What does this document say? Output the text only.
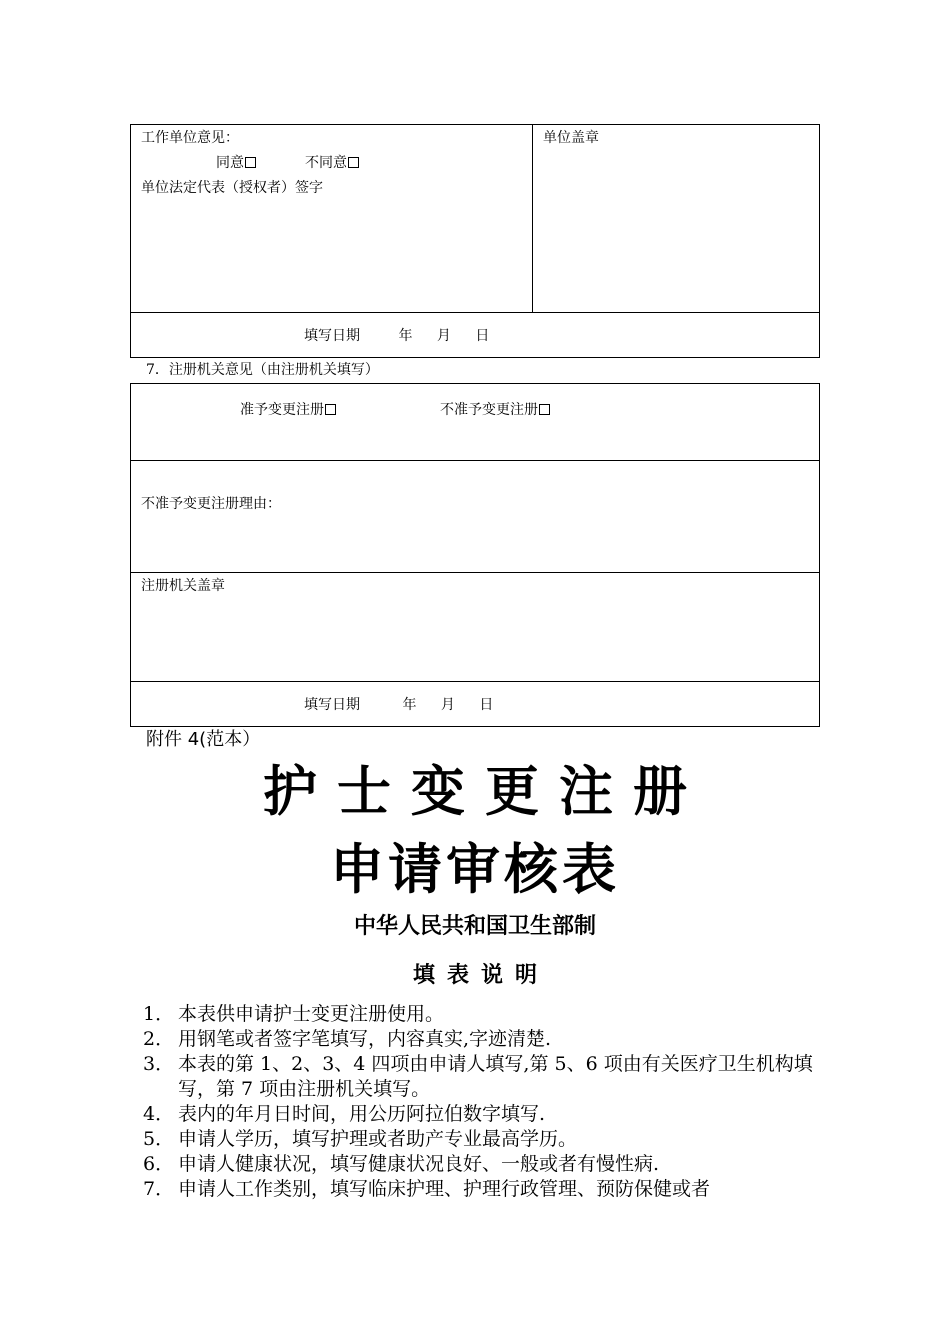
工作单位意见：
同意	不同意
单位法定代表（授权者）签字
单位盖章
填写日期	年 月 日
7．注册机关意见（由注册机关填写）
准予变更注册	不准予变更注册
不准予变更注册理由：
注册机关盖章
填写日期	年 月 日
附件 4(范本）
护士变更注册
申请审核表
中华人民共和国卫生部制
填表说明
1． 本表供申请护士变更注册使用。
2． 用钢笔或者签字笔填写，内容真实,字迹清楚.
3． 本表的第 1、2、3、4 四项由申请人填写,第 5、6 项由有关医疗卫生机构填写，第 7 项由注册机关填写。
4． 表内的年月日时间，用公历阿拉伯数字填写.
5． 申请人学历，填写护理或者助产专业最高学历。
6． 申请人健康状况，填写健康状况良好、一般或者有慢性病.
7． 申请人工作类别，填写临床护理、护理行政管理、预防保健或者
